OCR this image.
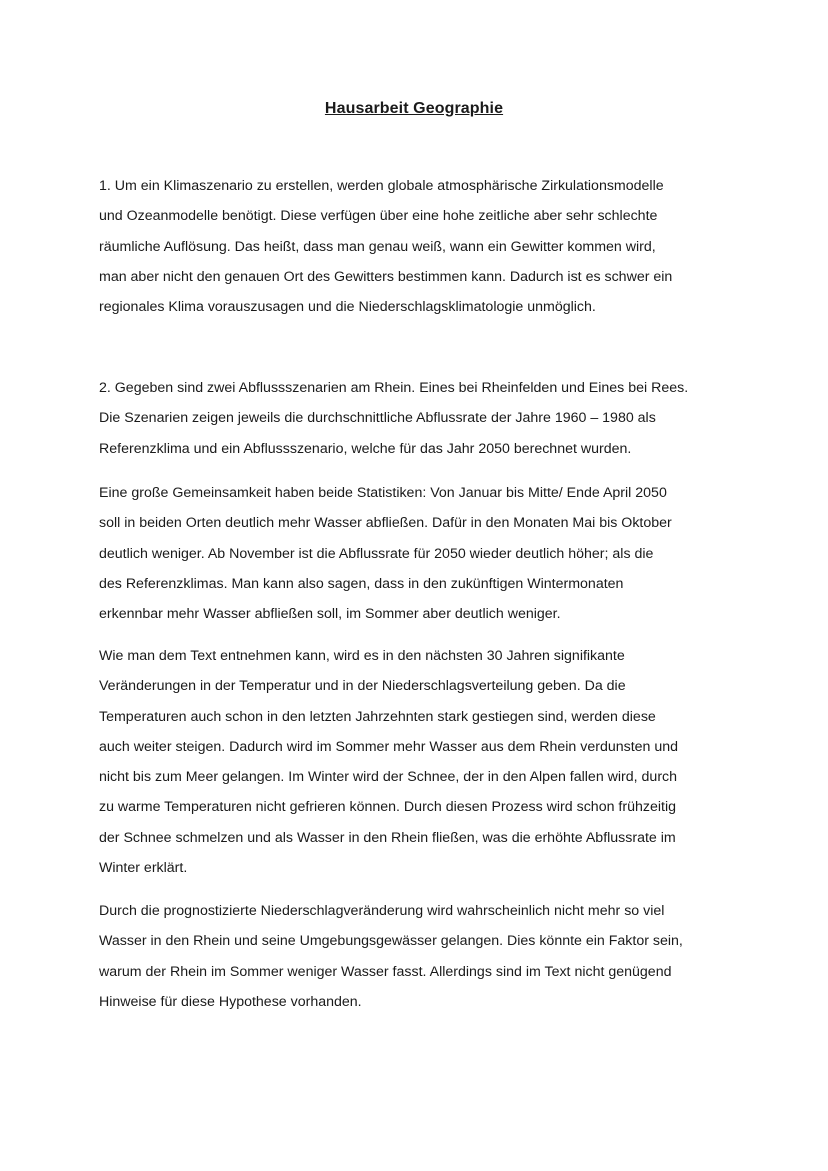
Hausarbeit Geographie

1. Um ein Klimaszenario zu erstellen, werden globale atmosphärische Zirkulationsmodelle
und Ozeanmodelle benötigt. Diese verfügen über eine hohe zeitliche aber sehr schlechte
räumliche Auflösung. Das heißt, dass man genau weiß, wann ein Gewitter kommen wird,
man aber nicht den genauen Ort des Gewitters bestimmen kann. Dadurch ist es schwer ein
regionales Klima vorauszusagen und die Niederschlagsklimatologie unmöglich.

2. Gegeben sind zwei Abflussszenarien am Rhein. Eines bei Rheinfelden und Eines bei Rees.
Die Szenarien zeigen jeweils die durchschnittliche Abflussrate der Jahre 1960 – 1980 als
Referenzklima und ein Abflussszenario, welche für das Jahr 2050 berechnet wurden.

Eine große Gemeinsamkeit haben beide Statistiken: Von Januar bis Mitte/ Ende April 2050
soll in beiden Orten deutlich mehr Wasser abfließen. Dafür in den Monaten Mai bis Oktober
deutlich weniger. Ab November ist die Abflussrate für 2050 wieder deutlich höher; als die
des Referenzklimas. Man kann also sagen, dass in den zukünftigen Wintermonaten
erkennbar mehr Wasser abfließen soll, im Sommer aber deutlich weniger.

Wie man dem Text entnehmen kann, wird es in den nächsten 30 Jahren signifikante
Veränderungen in der Temperatur und in der Niederschlagsverteilung geben. Da die
Temperaturen auch schon in den letzten Jahrzehnten stark gestiegen sind, werden diese
auch weiter steigen. Dadurch wird im Sommer mehr Wasser aus dem Rhein verdunsten und
nicht bis zum Meer gelangen. Im Winter wird der Schnee, der in den Alpen fallen wird, durch
zu warme Temperaturen nicht gefrieren können. Durch diesen Prozess wird schon frühzeitig
der Schnee schmelzen und als Wasser in den Rhein fließen, was die erhöhte Abflussrate im
Winter erklärt.

Durch die prognostizierte Niederschlagveränderung wird wahrscheinlich nicht mehr so viel
Wasser in den Rhein und seine Umgebungsgewässer gelangen. Dies könnte ein Faktor sein,
warum der Rhein im Sommer weniger Wasser fasst. Allerdings sind im Text nicht genügend
Hinweise für diese Hypothese vorhanden.
